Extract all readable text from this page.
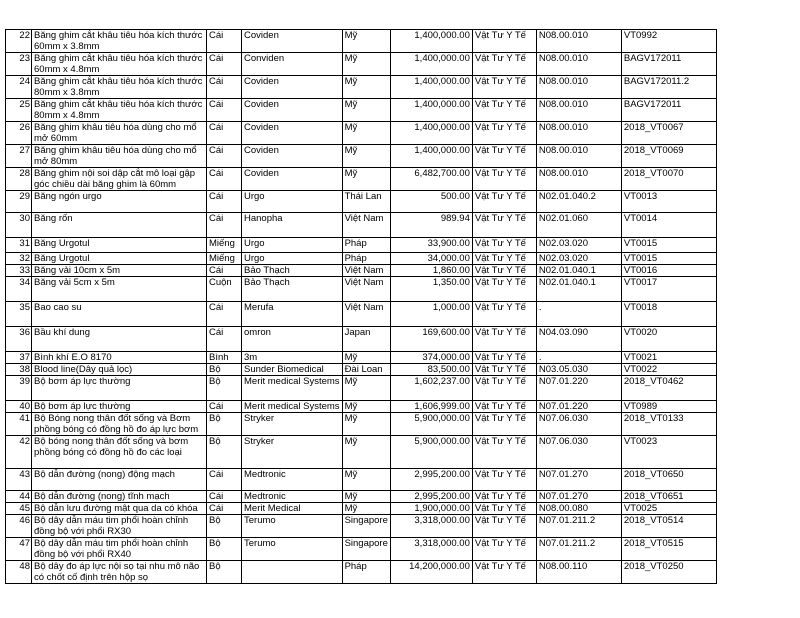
22	Băng ghim cắt khâu tiêu hóa kích thước 60mm x 3.8mm	Cái	Coviden	Mỹ	1,400,000.00	Vật Tư Y Tế	N08.00.010	VT0992
23	Băng ghim cắt khâu tiêu hóa kích thước 60mm x 4.8mm	Cái	Conviden	Mỹ	1,400,000.00	Vật Tư Y Tế	N08.00.010	BAGV172011
24	Băng ghim cắt khâu tiêu hóa kích thước 80mm x 3.8mm	Cái	Coviden	Mỹ	1,400,000.00	Vật Tư Y Tế	N08.00.010	BAGV172011.2
25	Băng ghim cắt khâu tiêu hóa kích thước 80mm x 4.8mm	Cái	Coviden	Mỹ	1,400,000.00	Vật Tư Y Tế	N08.00.010	BAGV172011
26	Băng ghim khâu tiêu hóa dùng cho mổ mở 60mm	Cái	Coviden	Mỹ	1,400,000.00	Vật Tư Y Tế	N08.00.010	2018_VT0067
27	Băng ghim khâu tiêu hóa dùng cho mổ mở 80mm	Cái	Coviden	Mỹ	1,400,000.00	Vật Tư Y Tế	N08.00.010	2018_VT0069
28	Băng ghim nội soi dập cắt mô loại gập góc chiều dài băng ghim là 60mm	Cái	Coviden	Mỹ	6,482,700.00	Vật Tư Y Tế	N08.00.010	2018_VT0070
29	Băng ngón urgo	Cái	Urgo	Thái Lan	500.00	Vật Tư Y Tế	N02.01.040.2	VT0013
30	Băng rốn	Cái	Hanopha	Việt Nam	989.94	Vật Tư Y Tế	N02.01.060	VT0014
31	Băng Urgotul	Miếng	Urgo	Pháp	33,900.00	Vật Tư Y Tế	N02.03.020	VT0015
32	Băng Urgotul	Miếng	Urgo	Pháp	34,000.00	Vật Tư Y Tế	N02.03.020	VT0015
33	Băng vải 10cm x 5m	Cái	Bảo Thạch	Việt Nam	1,860.00	Vật Tư Y Tế	N02.01.040.1	VT0016
34	Băng vải 5cm x 5m	Cuộn	Bảo Thạch	Việt Nam	1,350.00	Vật Tư Y Tế	N02.01.040.1	VT0017
35	Bao cao su	Cái	Merufa	Việt Nam	1,000.00	Vật Tư Y Tế	.	VT0018
36	Bầu khí dung	Cái	omron	Japan	169,600.00	Vật Tư Y Tế	N04.03.090	VT0020
37	Bình khí E.O 8170	Bình	3m	Mỹ	374,000.00	Vật Tư Y Tế	.	VT0021
38	Blood line(Dây quả lọc)	Bộ	Sunder Biomedical	Đài Loan	83,500.00	Vật Tư Y Tế	N03.05.030	VT0022
39	Bộ bơm áp lực thường	Bộ	Merit medical Systems	Mỹ	1,602,237.00	Vật Tư Y Tế	N07.01.220	2018_VT0462
40	Bộ bơm áp lực thường	Cái	Merit medical Systems	Mỹ	1,606,999.00	Vật Tư Y Tế	N07.01.220	VT0989
41	Bộ Bóng nong thân đốt sống và Bơm phồng bóng có đồng hồ đo áp lực bơm	Bộ	Stryker	Mỹ	5,900,000.00	Vật Tư Y Tế	N07.06.030	2018_VT0133
42	Bộ bóng nong thân đốt sống và bơm phồng bóng có đồng hồ đo các loại	Bộ	Stryker	Mỹ	5,900,000.00	Vật Tư Y Tế	N07.06.030	VT0023
43	Bộ dẫn đường (nong) động mạch	Cái	Medtronic	Mỹ	2,995,200.00	Vật Tư Y Tế	N07.01.270	2018_VT0650
44	Bộ dẫn đường (nong) tĩnh mạch	Cái	Medtronic	Mỹ	2,995,200.00	Vật Tư Y Tế	N07.01.270	2018_VT0651
45	Bộ dẫn lưu đường mật qua da có khóa	Cái	Merit Medical	Mỹ	1,900,000.00	Vật Tư Y Tế	N08.00.080	VT0025
46	Bộ dây dẫn máu tim phổi hoàn chỉnh đồng bộ với phổi RX30	Bộ	Terumo	Singapore	3,318,000.00	Vật Tư Y Tế	N07.01.211.2	2018_VT0514
47	Bộ dây dẫn máu tim phổi hoàn chỉnh đồng bộ với phổi RX40	Bộ	Terumo	Singapore	3,318,000.00	Vật Tư Y Tế	N07.01.211.2	2018_VT0515
48	Bộ dây đo áp lực nội sọ tại nhu mô não có chốt cố định trên hộp sọ	Bộ		Pháp	14,200,000.00	Vật Tư Y Tế	N08.00.110	2018_VT0250
